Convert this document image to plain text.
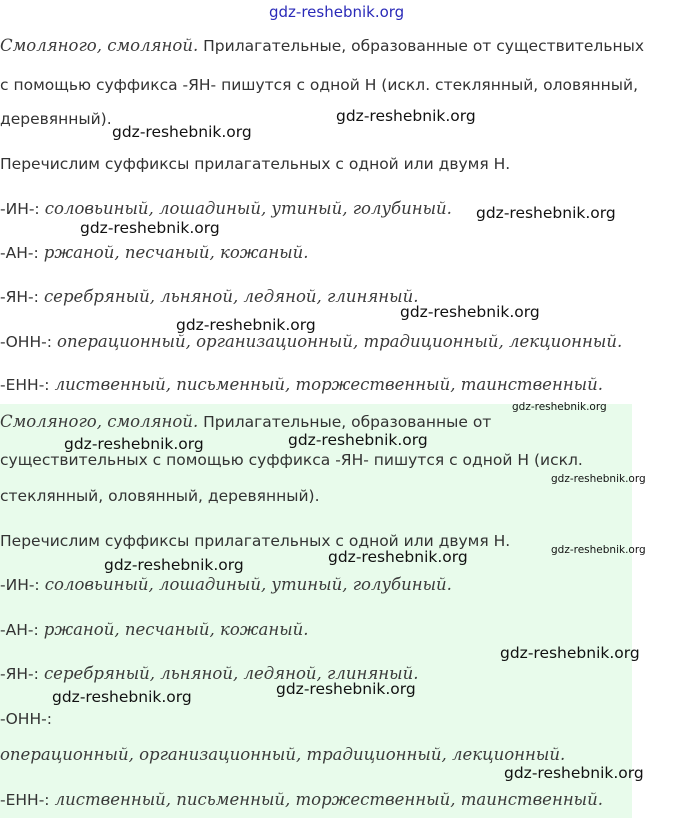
gdz-reshebnik.org
Смоляного, смоляной. Прилагательные, образованные от существительных
с помощью суффикса -ЯН- пишутся с одной Н (искл. стеклянный, оловянный,
деревянный).
Перечислим суффиксы прилагательных с одной или двумя Н.
-ИН-: соловьиный, лошадиный, утиный, голубиный.
-АН-: ржаной, песчаный, кожаный.
-ЯН-: серебряный, льняной, ледяной, глиняный.
-ОНН-: операционный, организационный, традиционный, лекционный.
-ЕНН-: лиственный, письменный, торжественный, таинственный.
Смоляного, смоляной. Прилагательные, образованные от
существительных с помощью суффикса -ЯН- пишутся с одной Н (искл.
стеклянный, оловянный, деревянный).
Перечислим суффиксы прилагательных с одной или двумя Н.
-ИН-: соловьиный, лошадиный, утиный, голубиный.
-АН-: ржаной, песчаный, кожаный.
-ЯН-: серебряный, льняной, ледяной, глиняный.
-ОНН-:
операционный, организационный, традиционный, лекционный.
-ЕНН-: лиственный, письменный, торжественный, таинственный.
gdz-reshebnik.org
gdz-reshebnik.org
gdz-reshebnik.org
gdz-reshebnik.org
gdz-reshebnik.org
gdz-reshebnik.org
gdz-reshebnik.org
gdz-reshebnik.org
gdz-reshebnik.org
gdz-reshebnik.org
gdz-reshebnik.org
gdz-reshebnik.org
gdz-reshebnik.org
gdz-reshebnik.org
gdz-reshebnik.org
gdz-reshebnik.org
gdz-reshebnik.org
